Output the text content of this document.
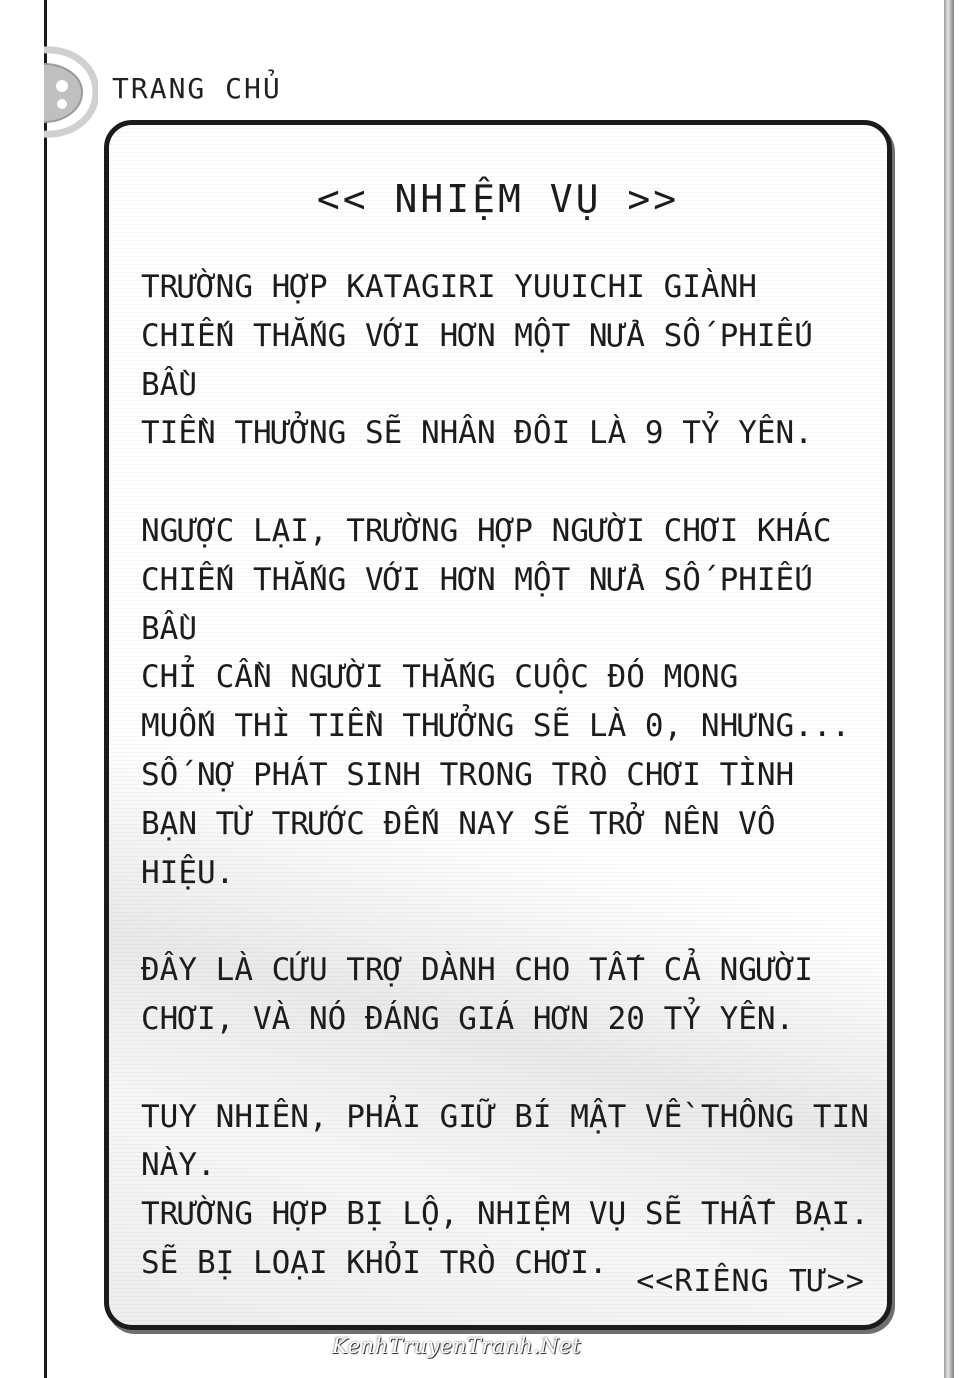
TRANG CHỦ
<< NHIỆM VỤ >>
TRƯỜNG HỢP KATAGIRI YUUICHI GIÀNH
CHIẾN THẮNG VỚI HƠN MỘT NỬA SỐ PHIẾU
BẦU
TIỀN THƯỞNG SẼ NHÂN ĐÔI LÀ 9 TỶ YÊN.
NGƯỢC LẠI, TRƯỜNG HỢP NGƯỜI CHƠI KHÁC
CHIẾN THẮNG VỚI HƠN MỘT NỬA SỐ PHIẾU
BẦU
CHỈ CẦN NGƯỜI THẮNG CUỘC ĐÓ MONG
MUỐN THÌ TIỀN THƯỞNG SẼ LÀ 0, NHƯNG...
SỐ NỢ PHÁT SINH TRONG TRÒ CHƠI TÌNH
BẠN TỪ TRƯỚC ĐẾN NAY SẼ TRỞ NÊN VÔ
HIỆU.
ĐÂY LÀ CỨU TRỢ DÀNH CHO TẤT CẢ NGƯỜI
CHƠI, VÀ NÓ ĐÁNG GIÁ HƠN 20 TỶ YÊN.
TUY NHIÊN, PHẢI GIỮ BÍ MẬT VỀ THÔNG TIN
NÀY.
TRƯỜNG HỢP BỊ LỘ, NHIỆM VỤ SẼ THẤT BẠI.
SẼ BỊ LOẠI KHỎI TRÒ CHƠI.
<<RIÊNG TƯ>>
KenhTruyenTranh.Net
